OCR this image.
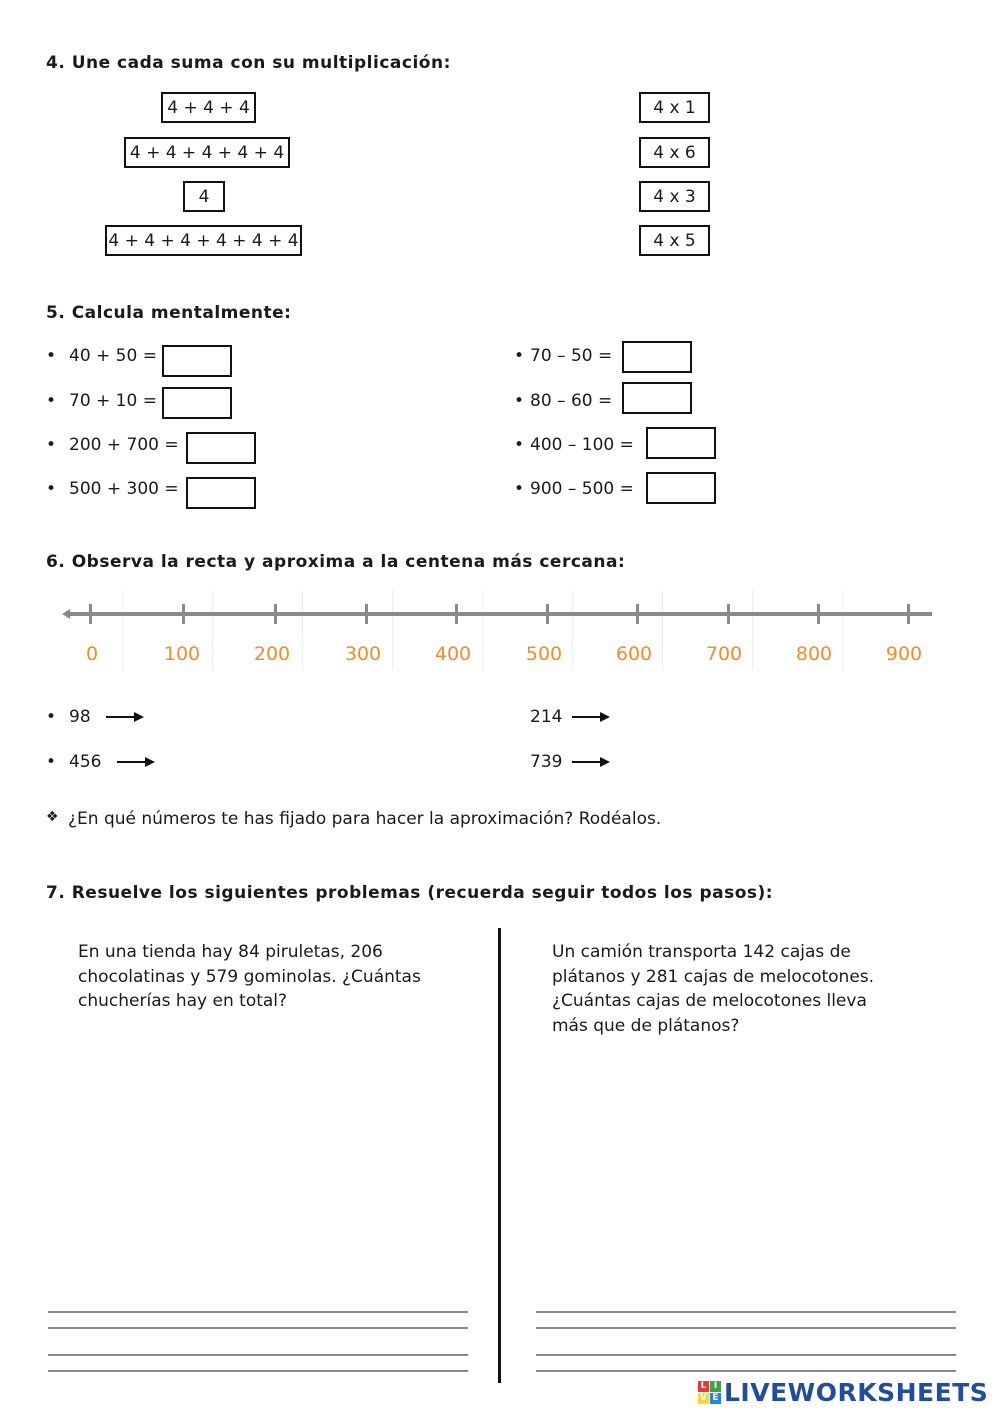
4. Une cada suma con su multiplicación:
4 + 4 + 4
4 + 4 + 4 + 4 + 4
4
4 + 4 + 4 + 4 + 4 + 4
4 x 1
4 x 6
4 x 3
4 x 5
5. Calcula mentalmente:
• 40 + 50 =
• 70 + 10 =
• 200 + 700 =
• 500 + 300 =
• 70 – 50 =
• 80 – 60 =
• 400 – 100 =
• 900 – 500 =
6. Observa la recta y aproxima a la centena más cercana:
0	100	200	300	400	500	600	700	800	900
• 98
• 456
214
739
❖ ¿En qué números te has fijado para hacer la aproximación? Rodéalos.
7. Resuelve los siguientes problemas (recuerda seguir todos los pasos):
En una tienda hay 84 piruletas, 206 chocolatinas y 579 gominolas. ¿Cuántas chucherías hay en total?
Un camión transporta 142 cajas de plátanos y 281 cajas de melocotones. ¿Cuántas cajas de melocotones lleva más que de plátanos?
L I
V E LIVEWORKSHEETS
